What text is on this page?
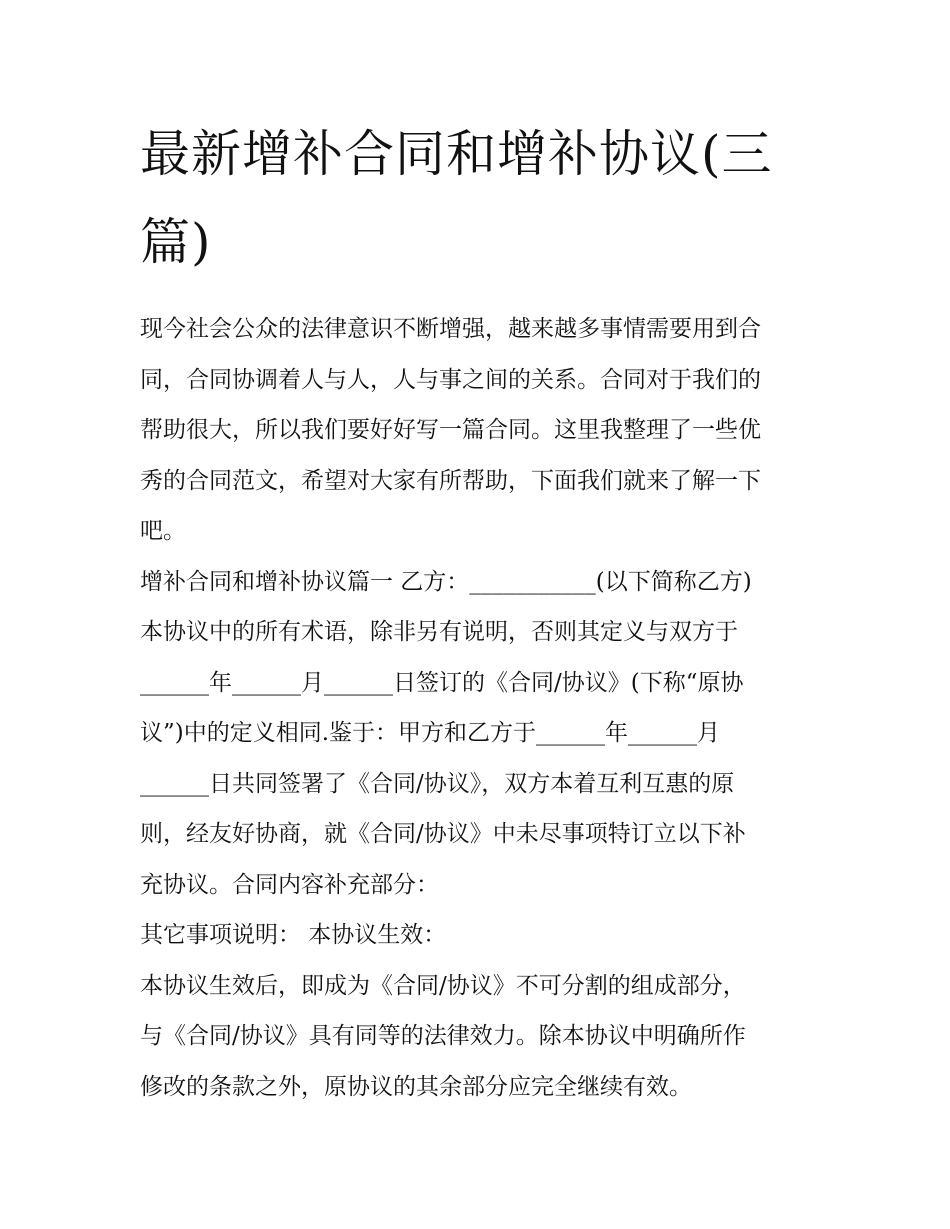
最新增补合同和增补协议(三
篇)
现今社会公众的法律意识不断增强，越来越多事情需要用到合
同，合同协调着人与人，人与事之间的关系。合同对于我们的
帮助很大，所以我们要好好写一篇合同。这里我整理了一些优
秀的合同范文，希望对大家有所帮助，下面我们就来了解一下
吧。
增补合同和增补协议篇一 乙方：___________(以下简称乙方)
本协议中的所有术语，除非另有说明，否则其定义与双方于
______年______月______日签订的《合同/协议》(下称“原协
议”)中的定义相同.鉴于：甲方和乙方于______年______月
______日共同签署了《合同/协议》，双方本着互利互惠的原
则，经友好协商，就《合同/协议》中未尽事项特订立以下补
充协议。合同内容补充部分：
其它事项说明： 本协议生效：
本协议生效后，即成为《合同/协议》不可分割的组成部分，
与《合同/协议》具有同等的法律效力。除本协议中明确所作
修改的条款之外，原协议的其余部分应完全继续有效。
